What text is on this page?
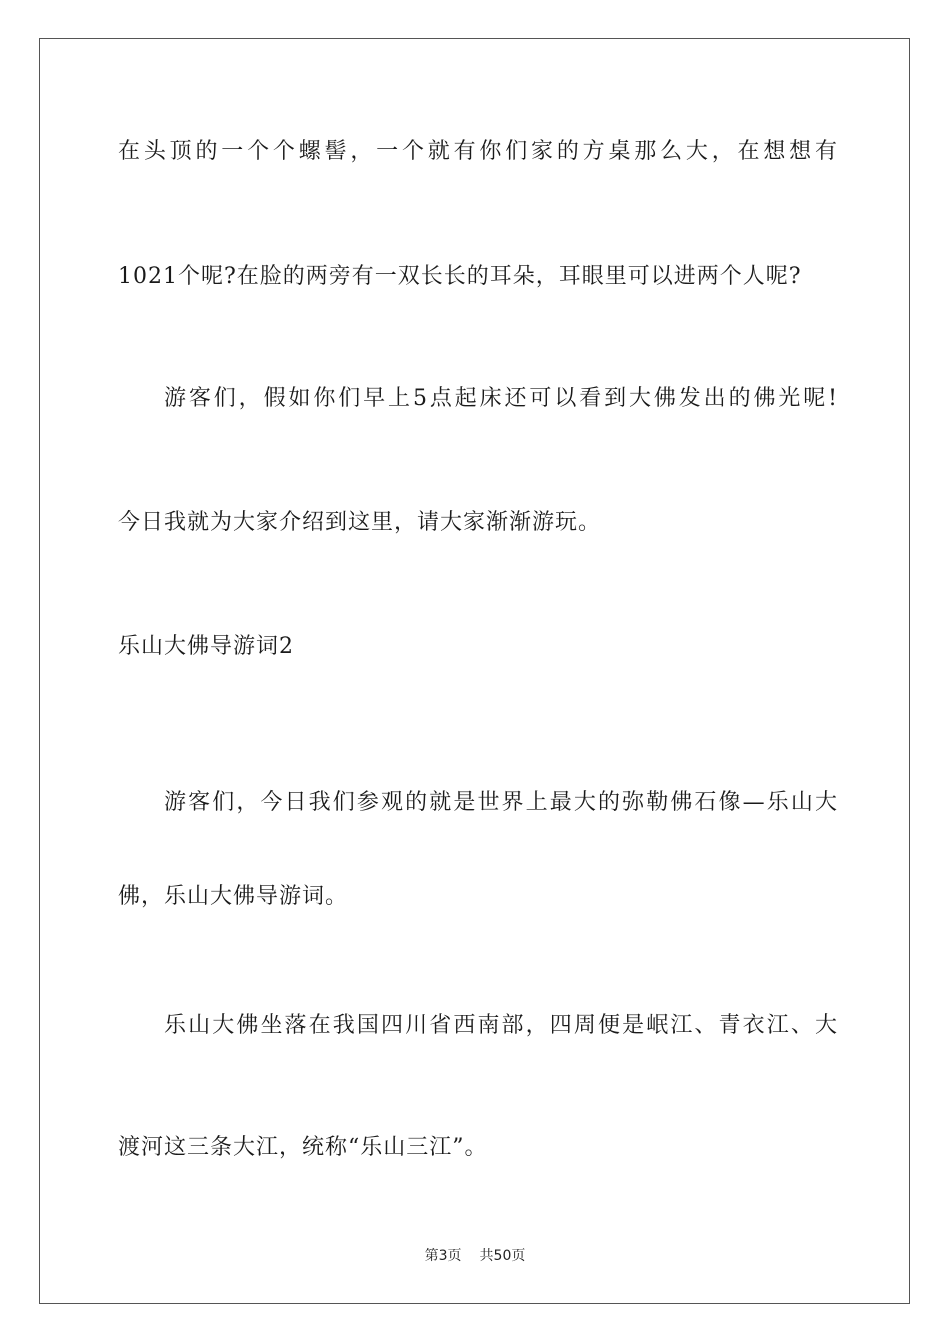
在头顶的一个个螺髻，一个就有你们家的方桌那么大，在想想有
1021个呢?在脸的两旁有一双长长的耳朵，耳眼里可以进两个人呢?
游客们，假如你们早上5点起床还可以看到大佛发出的佛光呢!
今日我就为大家介绍到这里，请大家渐渐游玩。
乐山大佛导游词2
游客们，今日我们参观的就是世界上最大的弥勒佛石像—乐山大
佛，乐山大佛导游词。
乐山大佛坐落在我国四川省西南部，四周便是岷江、青衣江、大
渡河这三条大江，统称“乐山三江”。
第3页 共50页
